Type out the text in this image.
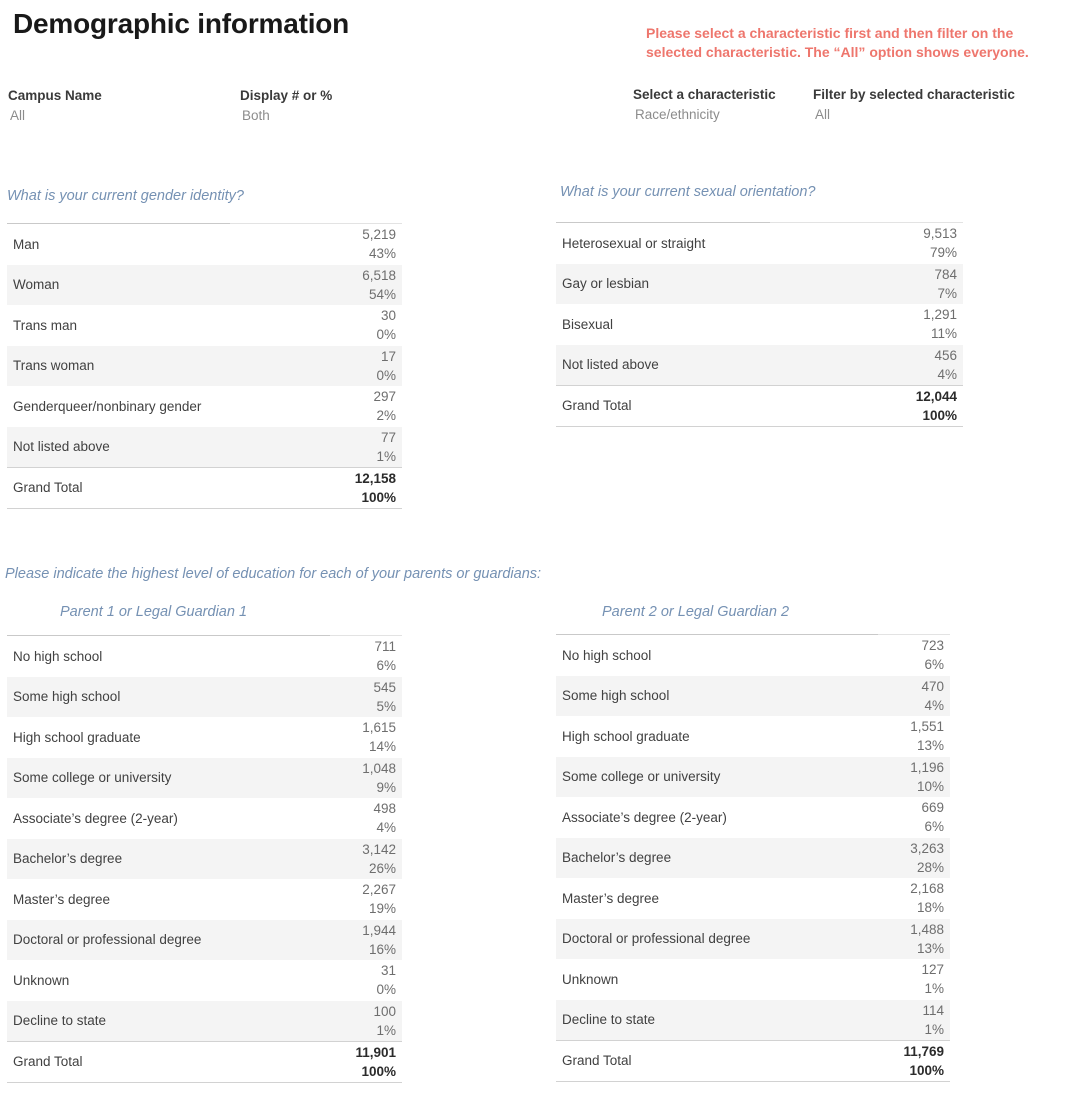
Demographic information	Please select a characteristic first and then filter on the selected characteristic. The “All” option shows everyone.
Campus Name
All
Display # or %
Both
Select a characteristic
Race/ethnicity
Filter by selected characteristic
All
What is your current gender identity?
Man
5,219
43%
Woman
6,518
54%
Trans man
30
0%
Trans woman
17
0%
Genderqueer/nonbinary gender
297
2%
Not listed above
77
1%
Grand Total
12,158
100%
What is your current sexual orientation?
Heterosexual or straight
9,513
79%
Gay or lesbian
784
7%
Bisexual
1,291
11%
Not listed above
456
4%
Grand Total
12,044
100%
Please indicate the highest level of education for each of your parents or guardians:
Parent 1 or Legal Guardian 1	Parent 2 or Legal Guardian 2
No high school
711
6%
Some high school
545
5%
High school graduate
1,615
14%
Some college or university
1,048
9%
Associate’s degree (2-year)
498
4%
Bachelor’s degree
3,142
26%
Master’s degree
2,267
19%
Doctoral or professional degree
1,944
16%
Unknown
31
0%
Decline to state
100
1%
Grand Total
11,901
100%
No high school
723
6%
Some high school
470
4%
High school graduate
1,551
13%
Some college or university
1,196
10%
Associate’s degree (2-year)
669
6%
Bachelor’s degree
3,263
28%
Master’s degree
2,168
18%
Doctoral or professional degree
1,488
13%
Unknown
127
1%
Decline to state
114
1%
Grand Total
11,769
100%
